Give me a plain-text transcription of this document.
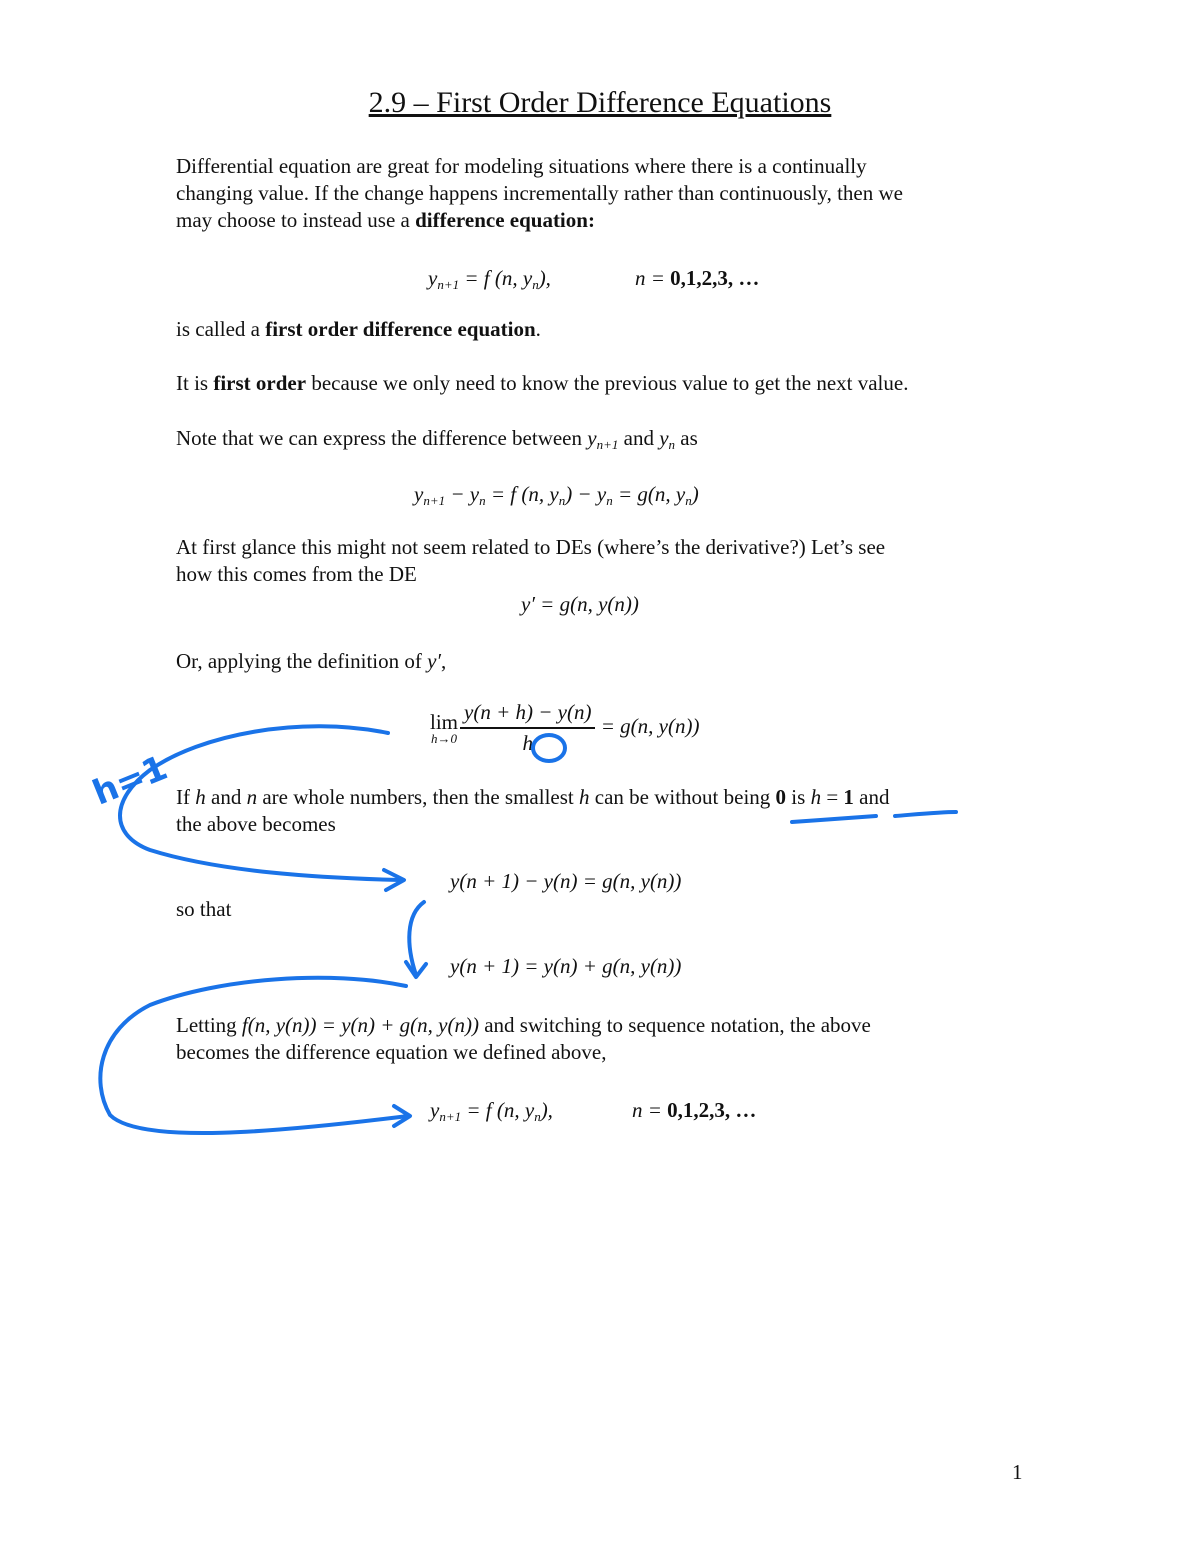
2.9 – First Order Difference Equations
Differential equation are great for modeling situations where there is a continually
changing value. If the change happens incrementally rather than continuously, then we
may choose to instead use a difference equation:
$y_{n+1} = f$ (n, $y_n$),	n = 0,1,2,3, …
is called a first order difference equation.
It is first order because we only need to know the previous value to get the next value.
Note that we can express the difference between $y_{n+1}$ and $y_n$ as
$y_{n+1} - y_n = f$ (n, $y_n) - y_n = g(n$, $y_n$)
At first glance this might not seem related to DEs (where’s the derivative?) Let’s see
how this comes from the DE
y′ = g(n, y(n))
Or, applying the definition of y′,
lim
$h\to 0 \frac{y(n + h) - y(n)}{h} = g(n$, y(n))
If h and n are whole numbers, then the smallest h can be without being 0 is h = 1 and
the above becomes
y(n + 1) − y(n) = g(n, y(n))
so that
y(n + 1) = y(n) + g(n, y(n))
Letting f(n, y(n)) = y(n) + g(n, y(n)) and switching to sequence notation, the above
becomes the difference equation we defined above,
$y_{n+1} = f$ (n, $y_n$),	n = 0,1,2,3, …
1
h=1
